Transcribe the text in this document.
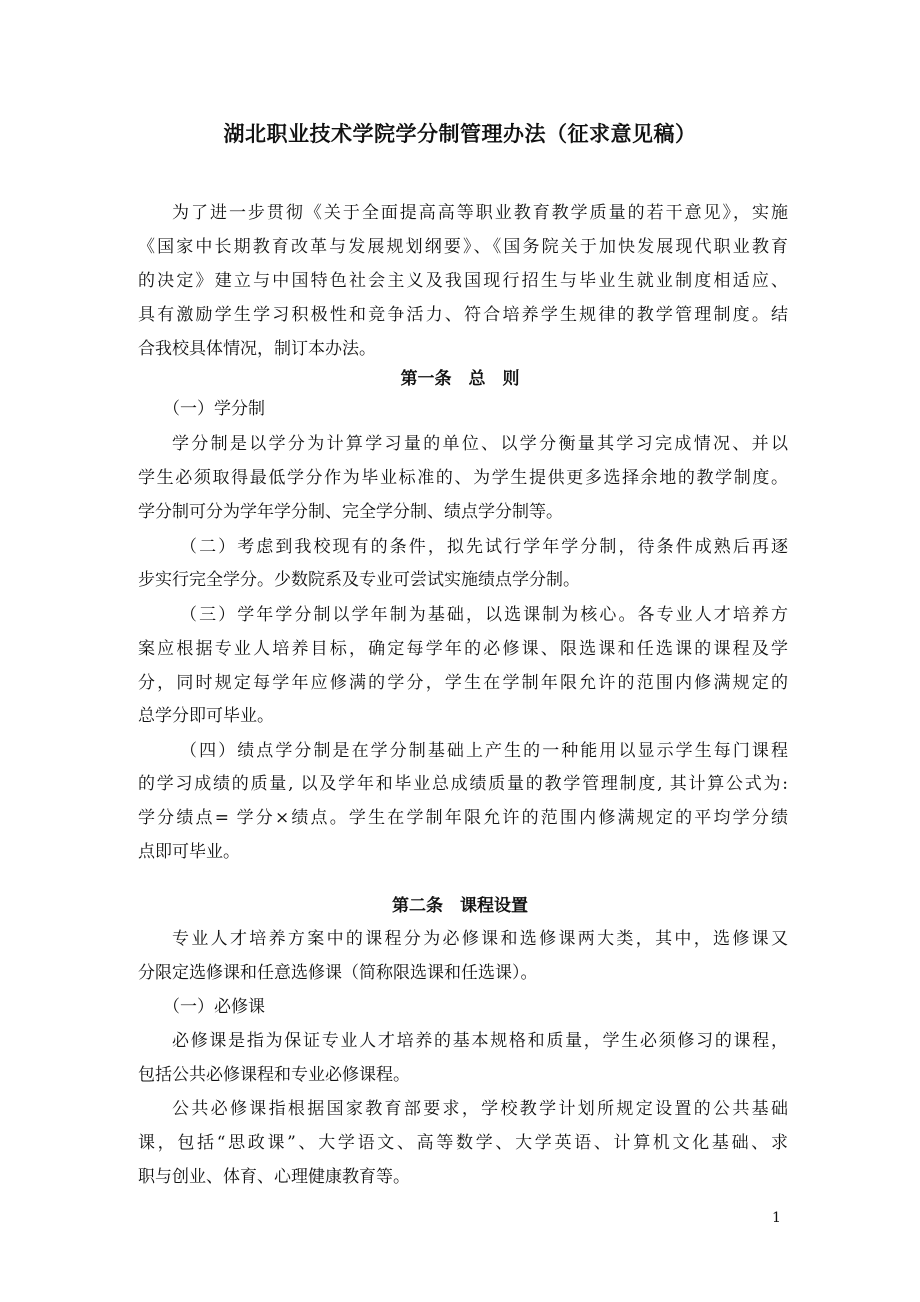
湖北职业技术学院学分制管理办法（征求意见稿）
为了进一步贯彻《关于全面提高高等职业教育教学质量的若干意见》，实施
《国家中长期教育改革与发展规划纲要》、《国务院关于加快发展现代职业教育
的决定》建立与中国特色社会主义及我国现行招生与毕业生就业制度相适应、
具有激励学生学习积极性和竞争活力、符合培养学生规律的教学管理制度。结
合我校具体情况，制订本办法。
第一条　总　则
（一）学分制
学分制是以学分为计算学习量的单位、以学分衡量其学习完成情况、并以
学生必须取得最低学分作为毕业标准的、为学生提供更多选择余地的教学制度。
学分制可分为学年学分制、完全学分制、绩点学分制等。
（二）考虑到我校现有的条件，拟先试行学年学分制，待条件成熟后再逐
步实行完全学分。少数院系及专业可尝试实施绩点学分制。
（三）学年学分制以学年制为基础，以选课制为核心。各专业人才培养方
案应根据专业人培养目标，确定每学年的必修课、限选课和任选课的课程及学
分，同时规定每学年应修满的学分，学生在学制年限允许的范围内修满规定的
总学分即可毕业。
（四）绩点学分制是在学分制基础上产生的一种能用以显示学生每门课程
的学习成绩的质量, 以及学年和毕业总成绩质量的教学管理制度, 其计算公式为:
学分绩点= 学分×绩点。学生在学制年限允许的范围内修满规定的平均学分绩
点即可毕业。
第二条　课程设置
专业人才培养方案中的课程分为必修课和选修课两大类，其中，选修课又
分限定选修课和任意选修课（简称限选课和任选课）。
（一）必修课
必修课是指为保证专业人才培养的基本规格和质量，学生必须修习的课程，
包括公共必修课程和专业必修课程。
公共必修课指根据国家教育部要求，学校教学计划所规定设置的公共基础
课，包括“思政课”、大学语文、高等数学、大学英语、计算机文化基础、求
职与创业、体育、心理健康教育等。
1
